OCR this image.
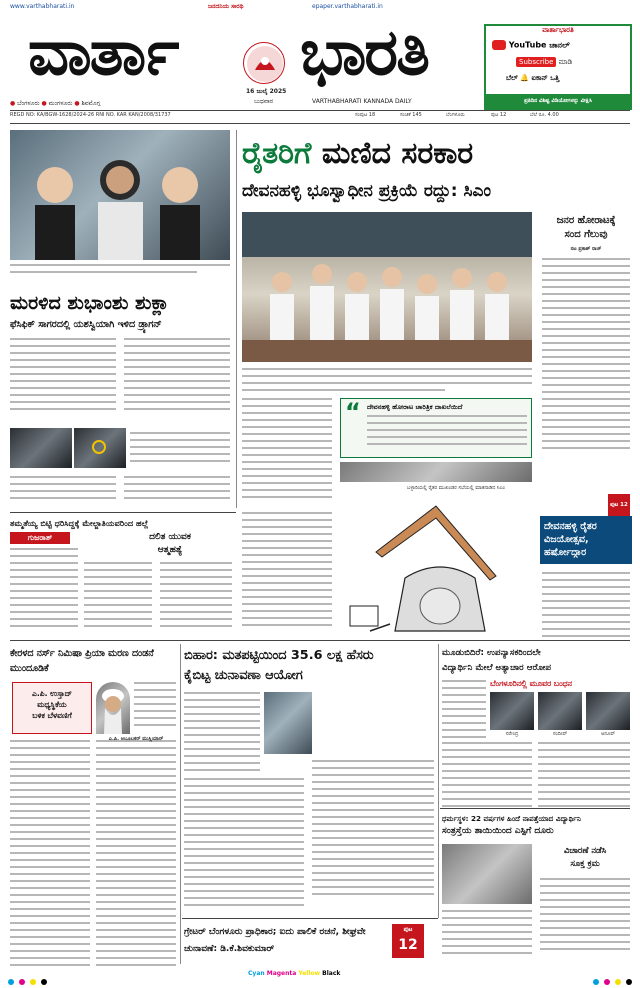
www.varthabharati.in	ಜನದನಿಯ ಸಾರಥಿ	epaper.varthabharati.in
ವಾರ್ತಾ	ಭಾರತಿ
16 ಜುಲೈ 2025
ಬುಧವಾರ
● ಬೆಂಗಳೂರು ● ಮಂಗಳೂರು ● ಶಿವಮೊಗ್ಗ	VARTHABHARATI KANNADA DAILY
ವಾರ್ತಾಭಾರತಿ
YouTube ಚಾನಲ್
Subscribe ಮಾಡಿ
ಬೆಲ್ 🔔 ಐಕಾನ್ ಒತ್ತಿ
ಪ್ರತಿದಿನ ವಿಶಿಷ್ಟ ವಿಡಿಯೋಗಳನ್ನು ವೀಕ್ಷಿಸಿ
REGD NO: KA/BGW-1628/2024-26 RNI NO. KAR KAN/2008/31737	ಸಂಪುಟ 18	ಸಂಚಿಕೆ 145	ಬೆಂಗಳೂರು	ಪುಟ 12	ಬೆಲೆ ರೂ. 4.00
ಮರಳಿದ ಶುಭಾಂಶು ಶುಕ್ಲಾ
ಫೆಸಿಫಿಕ್ ಸಾಗರದಲ್ಲಿ ಯಶಸ್ವಿಯಾಗಿ ಇಳಿದ ಡ್ರ್ಯಾಗನ್
ರೈತರಿಗೆ ಮಣಿದ ಸರಕಾರ
ದೇವನಹಳ್ಳಿ ಭೂಸ್ವಾಧೀನ ಪ್ರಕ್ರಿಯೆ ರದ್ದು: ಸಿಎಂ
ಜನರ ಹೋರಾಟಕ್ಕೆ
ಸಂದ ಗೆಲುವು
ನಟ ಪ್ರಕಾಶ್ ರಾಜ್
“ ದೇವನಹಳ್ಳಿ ಹೋರಾಟ ಚಾರಿತ್ರಿಕ ದಾಖಲೆಯಿದೆ
ಬಳ್ಳಾರಿಯಲ್ಲಿ ರೈತರ ಮುಖಂಡರ ಸಭೆಯಲ್ಲಿ ಮಾತನಾಡಿದ ಸಿಎಂ
ದೇವನಹಳ್ಳಿ ರೈತರ
ವಿಜಯೋತ್ಸವ,
ಹರ್ಷೋದ್ಗಾರ
ಪುಟ 12
ತಮ್ಮತೆಯ್ಯ ಬಿಟ್ಟಿ ಧರಿಸಿದ್ದಕ್ಕೆ ಮೇಲ್ಜಾತಿಯವರಿಂದ ಹಲ್ಲೆ
ಗುಜರಾತ್	ದಲಿತ ಯುವಕ
ಆತ್ಮಹತ್ಯೆ
ಕೇರಳದ ನರ್ಸ್ ನಿಮಿಷಾ ಪ್ರಿಯಾ ಮರಣ ದಂಡನೆ ಮುಂದೂಡಿಕೆ
ಎ.ಪಿ. ಉಸ್ತಾದ್
ಮಧ್ಯಸ್ಥಿಕೆಯ
ಬಳಿಕ ಬೆಳವಣಿಗೆ
ಎ.ಪಿ. ಅಬೂಬಕರ್ ಮುಸ್ಲಿಯಾರ್
ಬಿಹಾರ: ಮತಪಟ್ಟಿಯಿಂದ 35.6 ಲಕ್ಷ ಹೆಸರು
ಕೈಬಿಟ್ಟ ಚುನಾವಣಾ ಆಯೋಗ
ಮೂಡುಬಿದಿರೆ: ಉಪನ್ಯಾಸಕರಿಂದಲೇ
ವಿದ್ಯಾರ್ಥಿನಿ ಮೇಲೆ ಅತ್ಯಾಚಾರ ಆರೋಪ
ಬೆಂಗಳೂರಿನಲ್ಲಿ ಮೂವರ ಬಂಧನ
ನರೇಂದ್ರ	ಸಂದೀಪ್	ಅನೂಪ್
ಧರ್ಮಸ್ಥಳ: 22 ವರ್ಷಗಳ ಹಿಂದೆ ನಾಪತ್ತೆಯಾದ ವಿದ್ಯಾರ್ಥಿನಿ
ಸಂತ್ರಸ್ತೆಯ ತಾಯಿಯಿಂದ ಎಸ್ಪಿಗೆ ದೂರು
ವಿಚಾರಣೆ ನಡೆಸಿ
ಸೂಕ್ತ ಕ್ರಮ
ಗ್ರೇಟರ್ ಬೆಂಗಳೂರು ಪ್ರಾಧಿಕಾರ; ಐದು ಪಾಲಿಕೆ ರಚನೆ, ಶೀಘ್ರವೇ ಚುನಾವಣೆ: ಡಿ.ಕೆ.ಶಿವಕುಮಾರ್
ಪುಟ
12

Cyan Magenta Yellow Black
